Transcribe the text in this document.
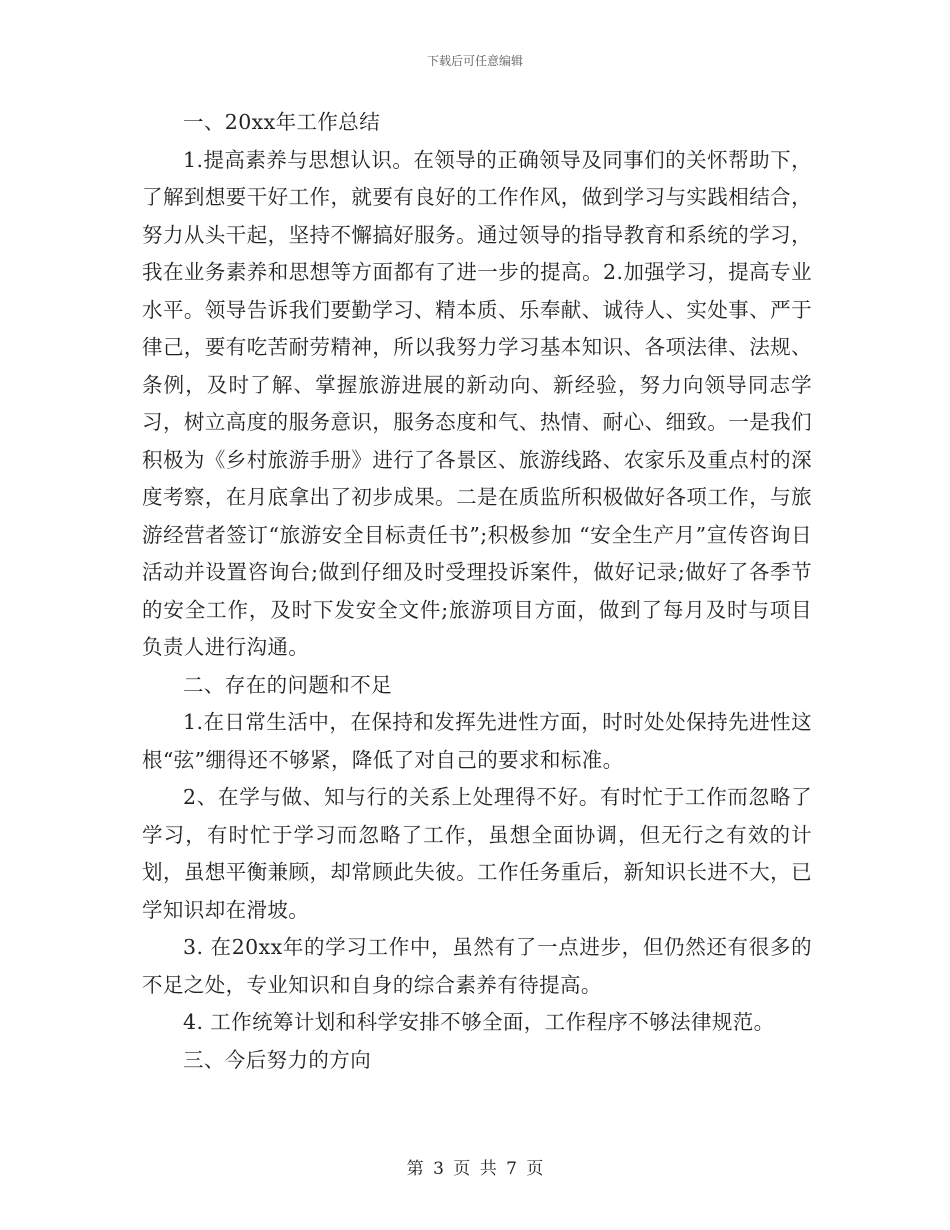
下载后可任意编辑

一、20xx年工作总结

1.提高素养与思想认识。在领导的正确领导及同事们的关怀帮助下，了解到想要干好工作，就要有良好的工作作风，做到学习与实践相结合，努力从头干起，坚持不懈搞好服务。通过领导的指导教育和系统的学习，我在业务素养和思想等方面都有了进一步的提高。2.加强学习，提高专业水平。领导告诉我们要勤学习、精本质、乐奉献、诚待人、实处事、严于律己，要有吃苦耐劳精神，所以我努力学习基本知识、各项法律、法规、条例，及时了解、掌握旅游进展的新动向、新经验，努力向领导同志学习，树立高度的服务意识，服务态度和气、热情、耐心、细致。一是我们积极为《乡村旅游手册》进行了各景区、旅游线路、农家乐及重点村的深度考察，在月底拿出了初步成果。二是在质监所积极做好各项工作，与旅游经营者签订“旅游安全目标责任书”;积极参加 “安全生产月”宣传咨询日活动并设置咨询台;做到仔细及时受理投诉案件，做好记录;做好了各季节的安全工作，及时下发安全文件;旅游项目方面，做到了每月及时与项目负责人进行沟通。

二、存在的问题和不足

1.在日常生活中，在保持和发挥先进性方面，时时处处保持先进性这根“弦”绷得还不够紧，降低了对自己的要求和标准。

2、在学与做、知与行的关系上处理得不好。有时忙于工作而忽略了学习，有时忙于学习而忽略了工作，虽想全面协调，但无行之有效的计划，虽想平衡兼顾，却常顾此失彼。工作任务重后，新知识长进不大，已学知识却在滑坡。

3. 在20xx年的学习工作中，虽然有了一点进步，但仍然还有很多的不足之处，专业知识和自身的综合素养有待提高。

4. 工作统筹计划和科学安排不够全面，工作程序不够法律规范。

三、今后努力的方向

第 3 页 共 7 页
